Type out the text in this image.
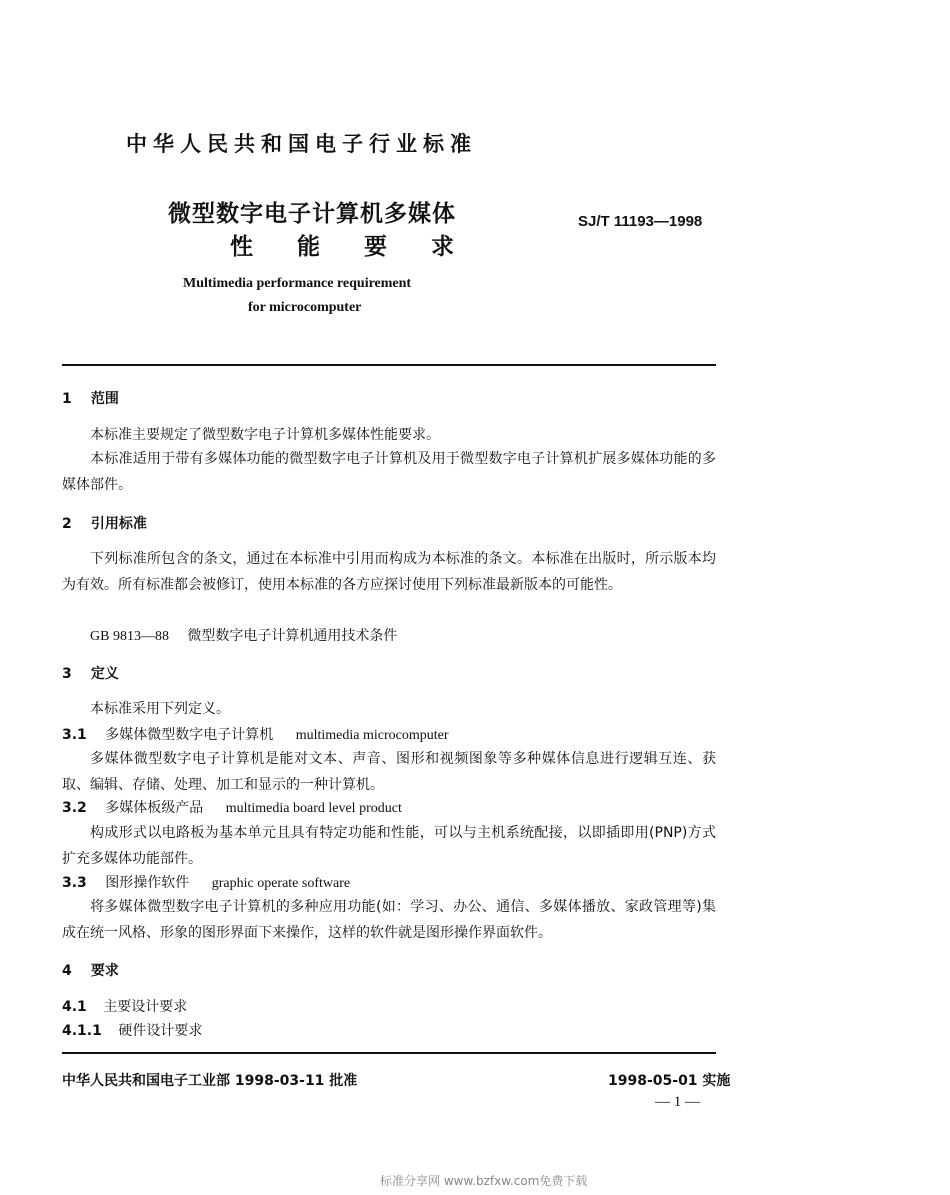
中华人民共和国电子行业标准
微型数字电子计算机多媒体
性 能 要 求
SJ/T 11193—1998
Multimedia performance requirement
for microcomputer
1 范围
本标准主要规定了微型数字电子计算机多媒体性能要求。
本标准适用于带有多媒体功能的微型数字电子计算机及用于微型数字电子计算机扩展多媒体功能的多媒体部件。
2 引用标准
下列标准所包含的条文，通过在本标准中引用而构成为本标准的条文。本标准在出版时，所示版本均为有效。所有标准都会被修订，使用本标准的各方应探讨使用下列标准最新版本的可能性。
GB 9813—88 微型数字电子计算机通用技术条件
3 定义
本标准采用下列定义。
3.1 多媒体微型数字电子计算机 multimedia microcomputer
多媒体微型数字电子计算机是能对文本、声音、图形和视频图象等多种媒体信息进行逻辑互连、获取、编辑、存储、处理、加工和显示的一种计算机。
3.2 多媒体板级产品 multimedia board level product
构成形式以电路板为基本单元且具有特定功能和性能，可以与主机系统配接，以即插即用(PNP)方式扩充多媒体功能部件。
3.3 图形操作软件 graphic operate software
将多媒体微型数字电子计算机的多种应用功能(如：学习、办公、通信、多媒体播放、家政管理等)集成在统一风格、形象的图形界面下来操作，这样的软件就是图形操作界面软件。
4 要求
4.1 主要设计要求
4.1.1 硬件设计要求
中华人民共和国电子工业部 1998-03-11 批准	1998-05-01 实施
— 1 —
标准分享网 www.bzfxw.com免费下载
